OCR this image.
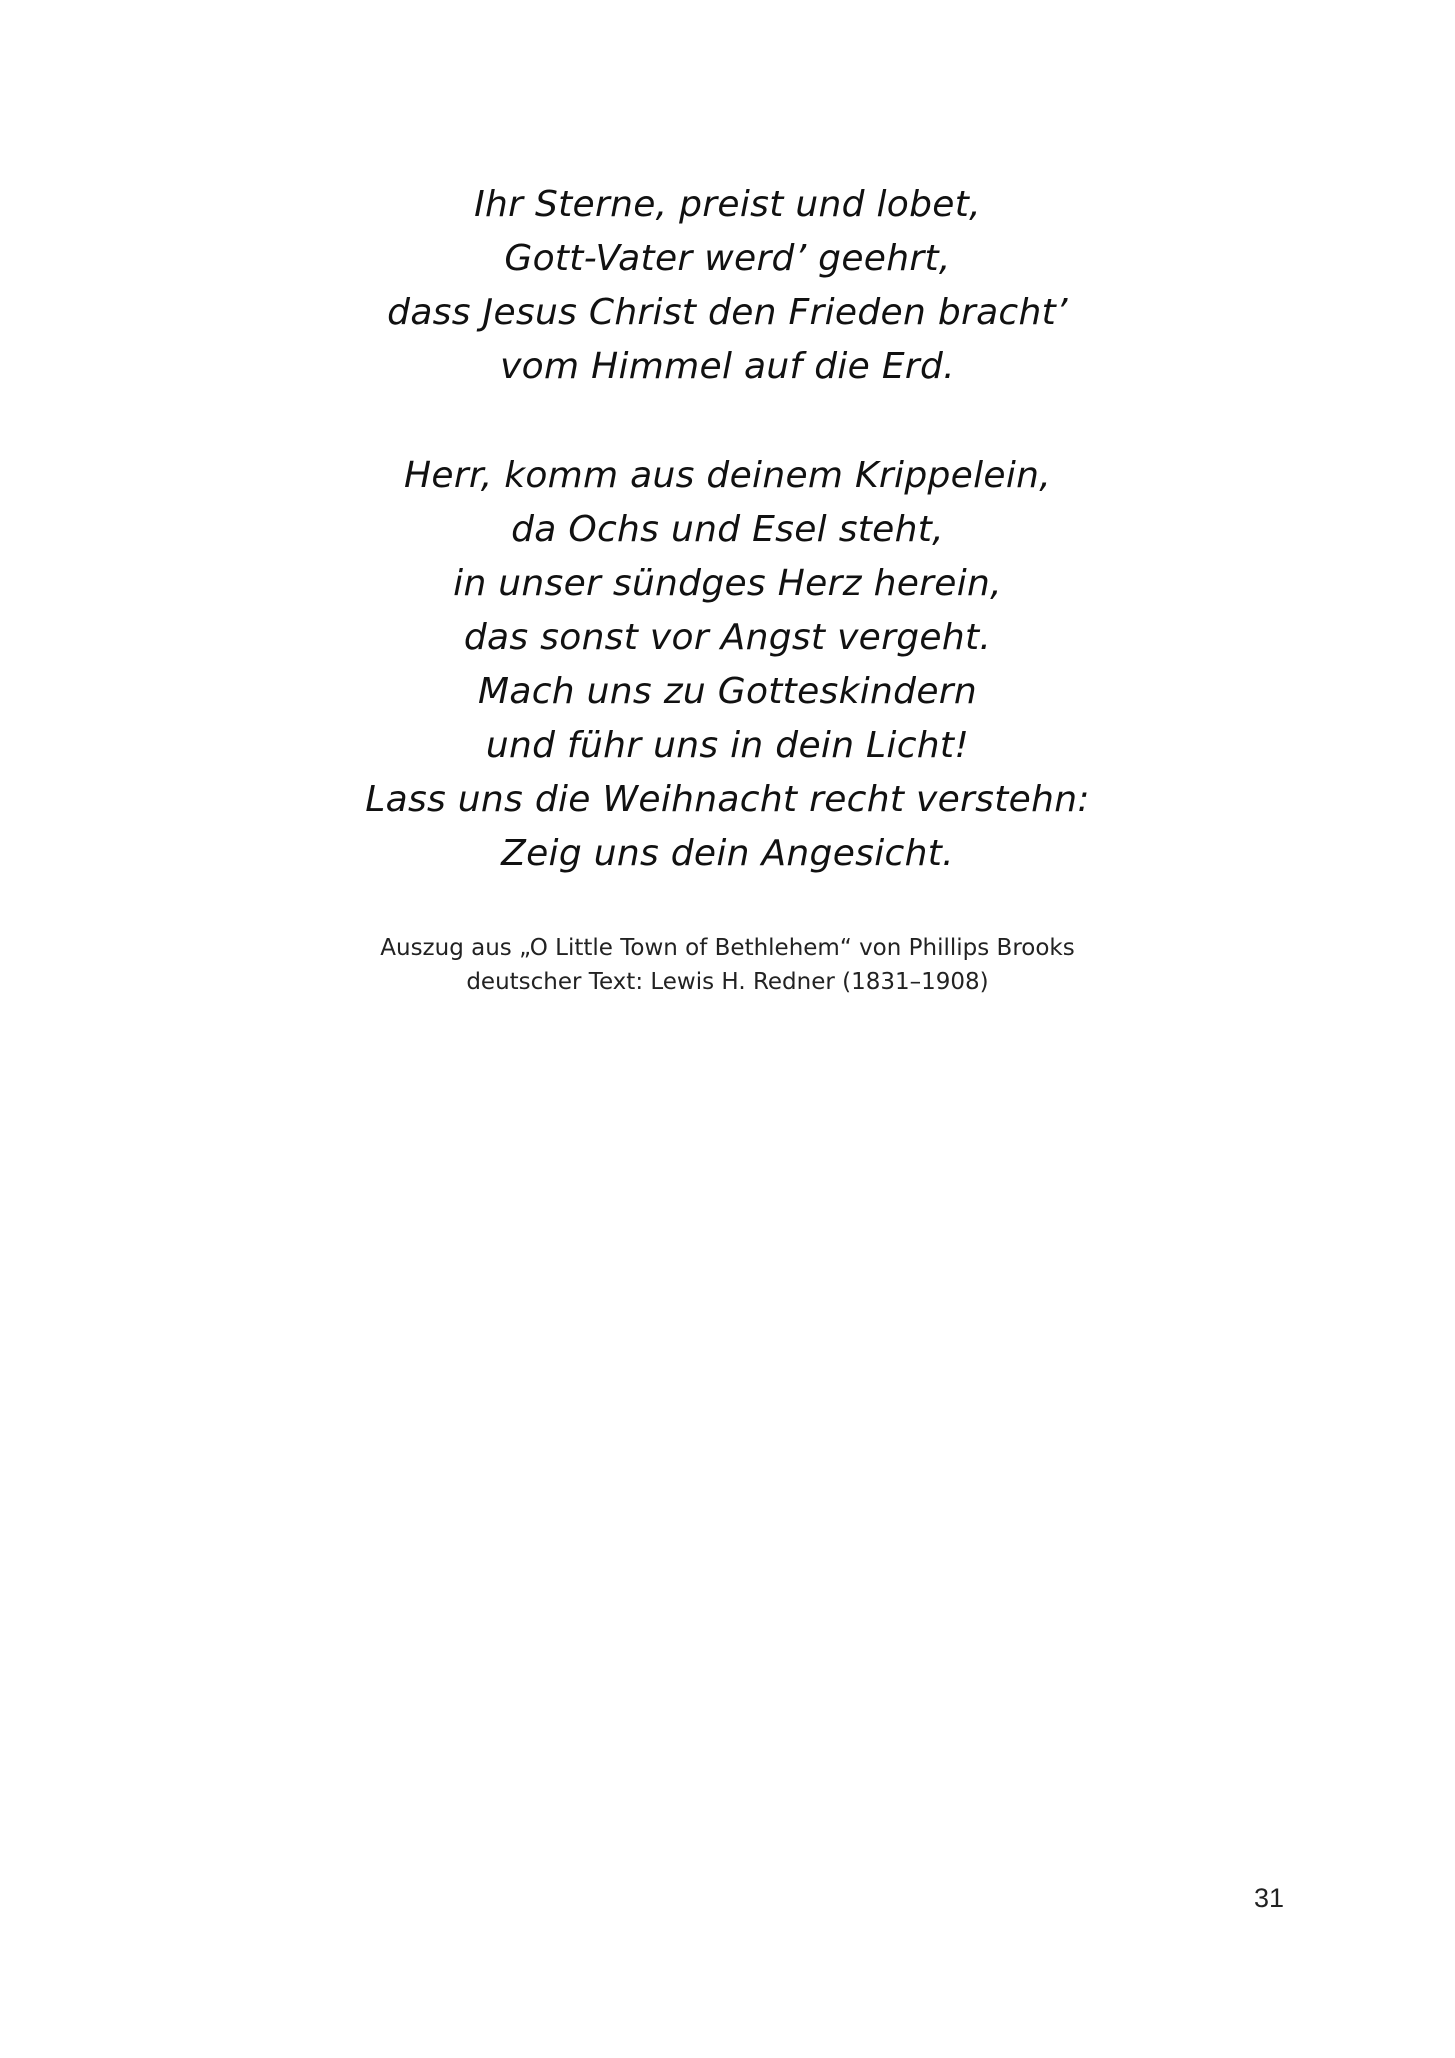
Ihr Sterne, preist und lobet,
Gott-Vater werd’ geehrt,
dass Jesus Christ den Frieden bracht’
vom Himmel auf die Erd.
Herr, komm aus deinem Krippelein,
da Ochs und Esel steht,
in unser sündges Herz herein,
das sonst vor Angst vergeht.
Mach uns zu Gotteskindern
und führ uns in dein Licht!
Lass uns die Weihnacht recht verstehn:
Zeig uns dein Angesicht.
Auszug aus „O Little Town of Bethlehem“ von Phillips Brooks
deutscher Text: Lewis H. Redner (1831–1908)
31
